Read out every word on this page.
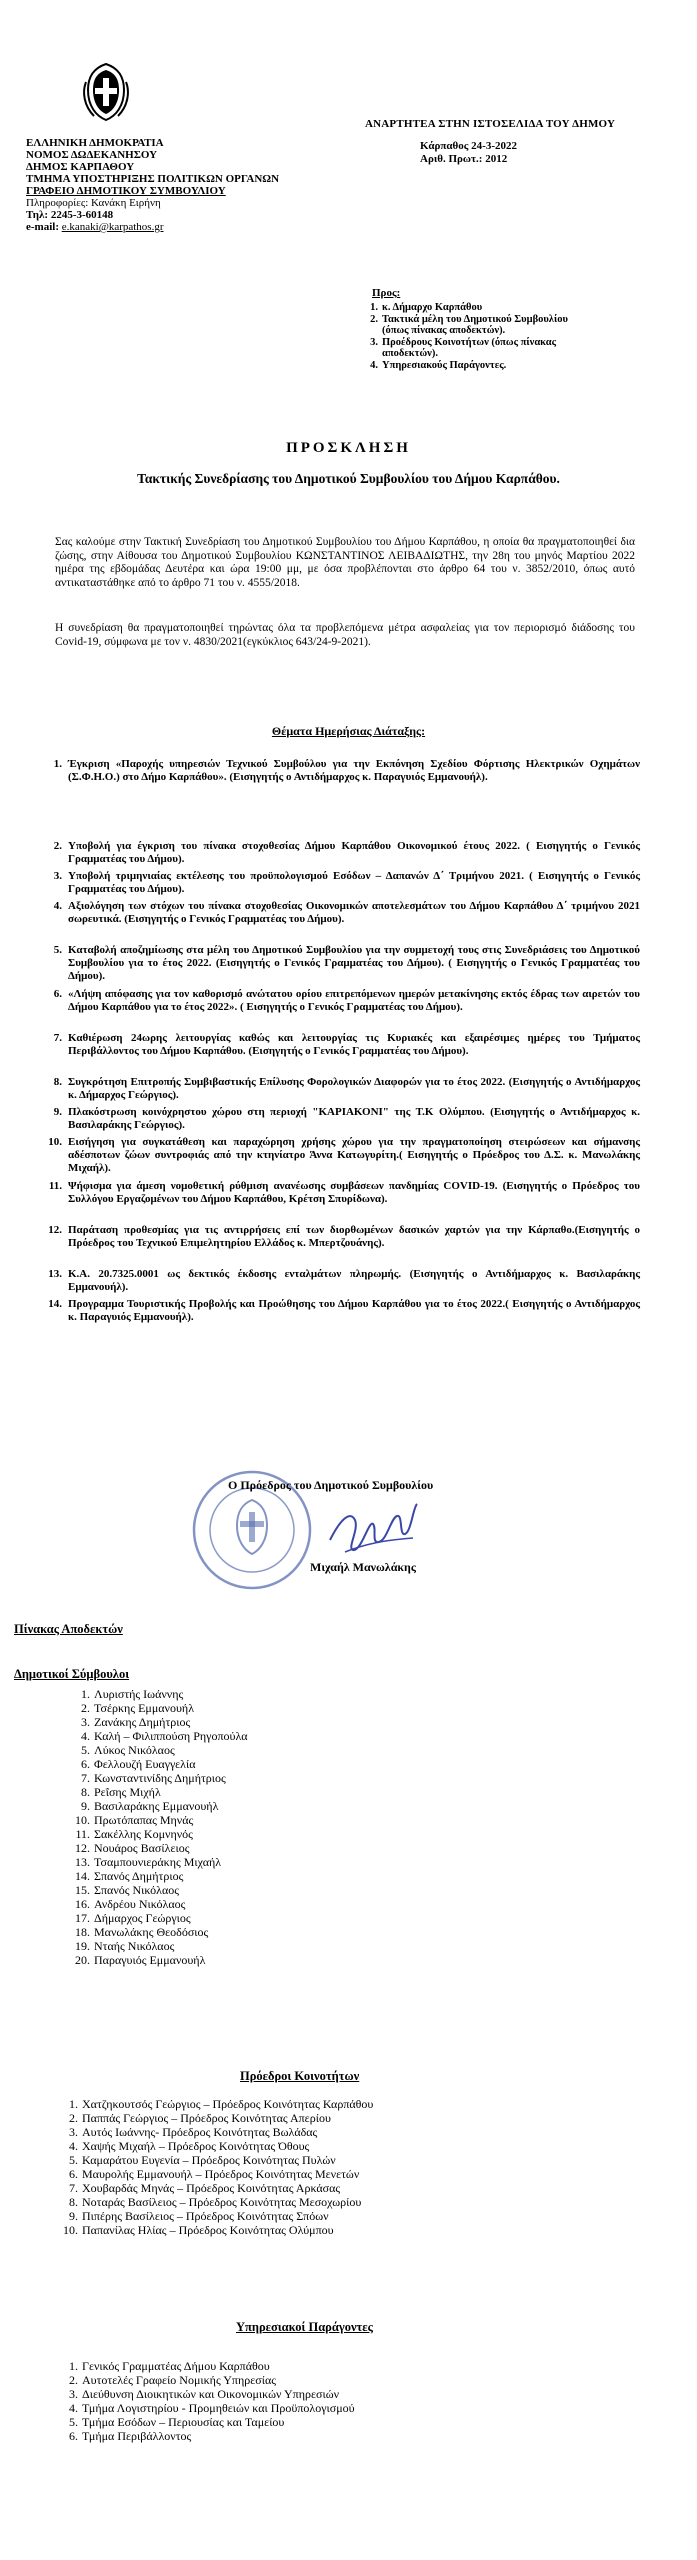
ΑΝΑΡΤΗΤΕΑ ΣΤΗΝ ΙΣΤΟΣΕΛΙΔΑ ΤΟΥ ΔΗΜΟΥ
ΕΛΛΗΝΙΚΗ ΔΗΜΟΚΡΑΤΙΑ
ΝΟΜΟΣ ΔΩΔΕΚΑΝΗΣΟΥ
ΔΗΜΟΣ ΚΑΡΠΑΘΟΥ
ΤΜΗΜΑ ΥΠΟΣΤΗΡΙΞΗΣ ΠΟΛΙΤΙΚΩΝ ΟΡΓΑΝΩΝ
ΓΡΑΦΕΙΟ ΔΗΜΟΤΙΚΟΥ ΣΥΜΒΟΥΛΙΟΥ
Πληροφορίες: Κανάκη Ειρήνη
Τηλ: 2245-3-60148
e-mail: e.kanaki@karpathos.gr
Κάρπαθος 24-3-2022
Αριθ. Πρωτ.: 2012
Προς:
1. κ. Δήμαρχο Καρπάθου
2. Τακτικά μέλη του Δημοτικού Συμβουλίου (όπως πίνακας αποδεκτών).
3. Προέδρους Κοινοτήτων (όπως πίνακας αποδεκτών).
4. Υπηρεσιακούς Παράγοντες.
ΠΡΟΣΚΛΗΣΗ
Τακτικής Συνεδρίασης του Δημοτικού Συμβουλίου του Δήμου Καρπάθου.
Σας καλούμε στην Τακτική Συνεδρίαση του Δημοτικού Συμβουλίου του Δήμου Καρπάθου, η οποία θα πραγματοποιηθεί δια ζώσης, στην Αίθουσα του Δημοτικού Συμβουλίου ΚΩΝΣΤΑΝΤΙΝΟΣ ΛΕΙΒΑΔΙΩΤΗΣ, την 28η του μηνός Μαρτίου 2022 ημέρα της εβδομάδας Δευτέρα και ώρα 19:00 μμ, με όσα προβλέπονται στο άρθρο 64 του ν. 3852/2010, όπως αυτό αντικαταστάθηκε από το άρθρο 71 του ν. 4555/2018.
Η συνεδρίαση θα πραγματοποιηθεί τηρώντας όλα τα προβλεπόμενα μέτρα ασφαλείας για τον περιορισμό διάδοσης του Covid-19, σύμφωνα με τον ν. 4830/2021(εγκύκλιος 643/24-9-2021).
Θέματα Ημερήσιας Διάταξης:
1. Έγκριση «Παροχής υπηρεσιών Τεχνικού Συμβούλου για την Εκπόνηση Σχεδίου Φόρτισης Ηλεκτρικών Οχημάτων (Σ.Φ.Η.Ο.) στο Δήμο Καρπάθου». (Εισηγητής ο Αντιδήμαρχος κ. Παραγυιός Εμμανουήλ).
2. Υποβολή για έγκριση του πίνακα στοχοθεσίας Δήμου Καρπάθου Οικονομικού έτους 2022. ( Εισηγητής ο Γενικός Γραμματέας του Δήμου).
3. Υποβολή τριμηνιαίας εκτέλεσης του προϋπολογισμού Εσόδων – Δαπανών Δ΄ Τριμήνου 2021. ( Εισηγητής ο Γενικός Γραμματέας του Δήμου).
4. Αξιολόγηση των στόχων του πίνακα στοχοθεσίας Οικονομικών αποτελεσμάτων του Δήμου Καρπάθου Δ΄ τριμήνου 2021 σωρευτικά. (Εισηγητής ο Γενικός Γραμματέας του Δήμου).
5. Καταβολή αποζημίωσης στα μέλη του Δημοτικού Συμβουλίου για την συμμετοχή τους στις Συνεδριάσεις του Δημοτικού Συμβουλίου για το έτος 2022. (Εισηγητής ο Γενικός Γραμματέας του Δήμου). ( Εισηγητής ο Γενικός Γραμματέας του Δήμου).
6. «Λήψη απόφασης για τον καθορισμό ανώτατου ορίου επιτρεπόμενων ημερών μετακίνησης εκτός έδρας των αιρετών του Δήμου Καρπάθου για το έτος 2022». ( Εισηγητής ο Γενικός Γραμματέας του Δήμου).
7. Καθιέρωση 24ωρης λειτουργίας καθώς και λειτουργίας τις Κυριακές και εξαιρέσιμες ημέρες του Τμήματος Περιβάλλοντος του Δήμου Καρπάθου. (Εισηγητής ο Γενικός Γραμματέας του Δήμου).
8. Συγκρότηση Επιτροπής Συμβιβαστικής Επίλυσης Φορολογικών Διαφορών για το έτος 2022. (Εισηγητής ο Αντιδήμαρχος κ. Δήμαρχος Γεώργιος).
9. Πλακόστρωση κοινόχρηστου χώρου στη περιοχή "ΚΑΡΙΑΚΟΝΙ" της Τ.Κ Ολύμπου. (Εισηγητής ο Αντιδήμαρχος κ. Βασιλαράκης Γεώργιος).
10. Εισήγηση για συγκατάθεση και παραχώρηση χρήσης χώρου για την πραγματοποίηση στειρώσεων και σήμανσης αδέσποτων ζώων συντροφιάς από την κτηνίατρο Άννα Κατωγυρίτη.( Εισηγητής ο Πρόεδρος του Δ.Σ. κ. Μανωλάκης Μιχαήλ).
11. Ψήφισμα για άμεση νομοθετική ρύθμιση ανανέωσης συμβάσεων πανδημίας COVID-19. (Εισηγητής ο Πρόεδρος του Συλλόγου Εργαζομένων του Δήμου Καρπάθου, Κρέτση Σπυρίδωνα).
12. Παράταση προθεσμίας για τις αντιρρήσεις επί των διορθωμένων δασικών χαρτών για την Κάρπαθο.(Εισηγητής ο Πρόεδρος του Τεχνικού Επιμελητηρίου Ελλάδος κ. Μπερτζουάνης).
13. Κ.Α. 20.7325.0001 ως δεκτικός έκδοσης ενταλμάτων πληρωμής. (Εισηγητής ο Αντιδήμαρχος κ. Βασιλαράκης Εμμανουήλ).
14. Προγραμμα Τουριστικής Προβολής και Προώθησης του Δήμου Καρπάθου για το έτος 2022.( Εισηγητής ο Αντιδήμαρχος κ. Παραγυιός Εμμανουήλ).
Ο Πρόεδρος του Δημοτικού Συμβουλίου
Μιχαήλ Μανωλάκης
Πίνακας Αποδεκτών
Δημοτικοί Σύμβουλοι
1. Λυριστής Ιωάννης
2. Τσέρκης Εμμανουήλ
3. Ζανάκης Δημήτριος
4. Καλή – Φιλιππούση Ρηγοπούλα
5. Λύκος Νικόλαος
6. Φελλουζή Ευαγγελία
7. Κωνσταντινίδης Δημήτριος
8. Ρεΐσης Μιχήλ
9. Βασιλαράκης Εμμανουήλ
10. Πρωτόπαπας Μηνάς
11. Σακέλλης Κομνηνός
12. Νουάρος Βασίλειος
13. Τσαμπουνιεράκης Μιχαήλ
14. Σπανός Δημήτριος
15. Σπανός Νικόλαος
16. Ανδρέου Νικόλαος
17. Δήμαρχος Γεώργιος
18. Μανωλάκης Θεοδόσιος
19. Νταής Νικόλαος
20. Παραγυιός Εμμανουήλ
Πρόεδροι Κοινοτήτων
1. Χατζηκουτσός Γεώργιος – Πρόεδρος Κοινότητας Καρπάθου
2. Παππάς Γεώργιος – Πρόεδρος Κοινότητας Απερίου
3. Αυτός Ιωάννης- Πρόεδρος Κοινότητας Βωλάδας
4. Χαψής Μιχαήλ – Πρόεδρος Κοινότητας Όθους
5. Καμαράτου Ευγενία – Πρόεδρος Κοινότητας Πυλών
6. Μαυρολής Εμμανουήλ – Πρόεδρος Κοινότητας Μενετών
7. Χουβαρδάς Μηνάς – Πρόεδρος Κοινότητας Αρκάσας
8. Νοταράς Βασίλειος – Πρόεδρος Κοινότητας Μεσοχωρίου
9. Πιπέρης Βασίλειος – Πρόεδρος Κοινότητας Σπόων
10. Παπανίλας Ηλίας – Πρόεδρος Κοινότητας Ολύμπου
Υπηρεσιακοί Παράγοντες
1. Γενικός Γραμματέας Δήμου Καρπάθου
2. Αυτοτελές Γραφείο Νομικής Υπηρεσίας
3. Διεύθυνση Διοικητικών και Οικονομικών Υπηρεσιών
4. Τμήμα Λογιστηρίου - Προμηθειών και Προϋπολογισμού
5. Τμήμα Εσόδων – Περιουσίας και Ταμείου
6. Τμήμα Περιβάλλοντος
